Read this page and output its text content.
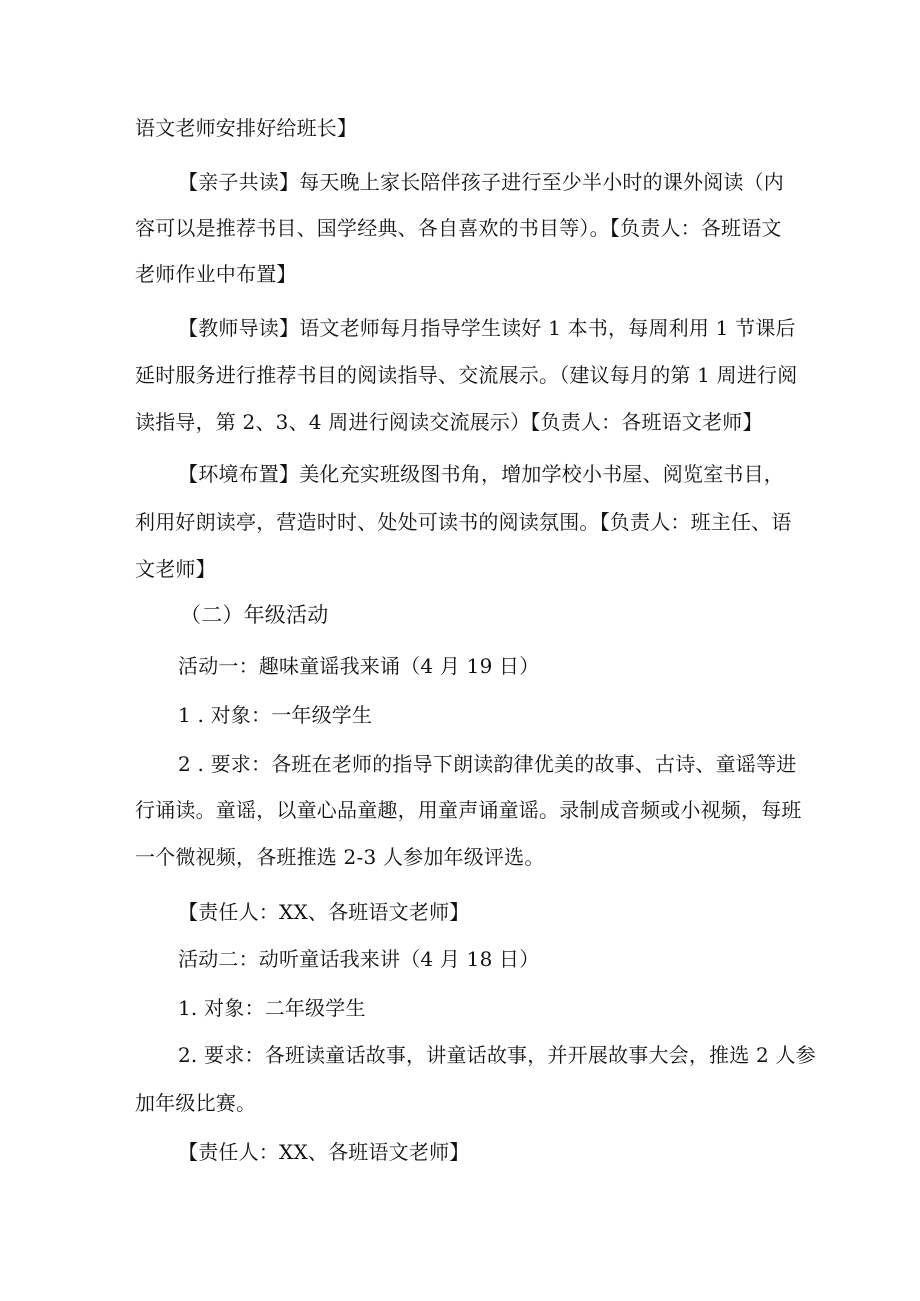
语文老师安排好给班长】
【亲子共读】每天晚上家长陪伴孩子进行至少半小时的课外阅读（内
容可以是推荐书目、国学经典、各自喜欢的书目等）。【负责人：各班语文
老师作业中布置】
【教师导读】语文老师每月指导学生读好 1 本书，每周利用 1 节课后
延时服务进行推荐书目的阅读指导、交流展示。（建议每月的第 1 周进行阅
读指导，第 2、3、4 周进行阅读交流展示）【负责人：各班语文老师】
【环境布置】美化充实班级图书角，增加学校小书屋、阅览室书目，
利用好朗读亭，营造时时、处处可读书的阅读氛围。【负责人：班主任、语
文老师】
（二）年级活动
活动一：趣味童谣我来诵（4 月 19 日）
1 . 对象：一年级学生
2 . 要求：各班在老师的指导下朗读韵律优美的故事、古诗、童谣等进
行诵读。童谣，以童心品童趣，用童声诵童谣。录制成音频或小视频，每班
一个微视频，各班推选 2-3 人参加年级评选。
【责任人：XX、各班语文老师】
活动二：动听童话我来讲（4 月 18 日）
1. 对象：二年级学生
2. 要求：各班读童话故事，讲童话故事，并开展故事大会，推选 2 人参
加年级比赛。
【责任人：XX、各班语文老师】
